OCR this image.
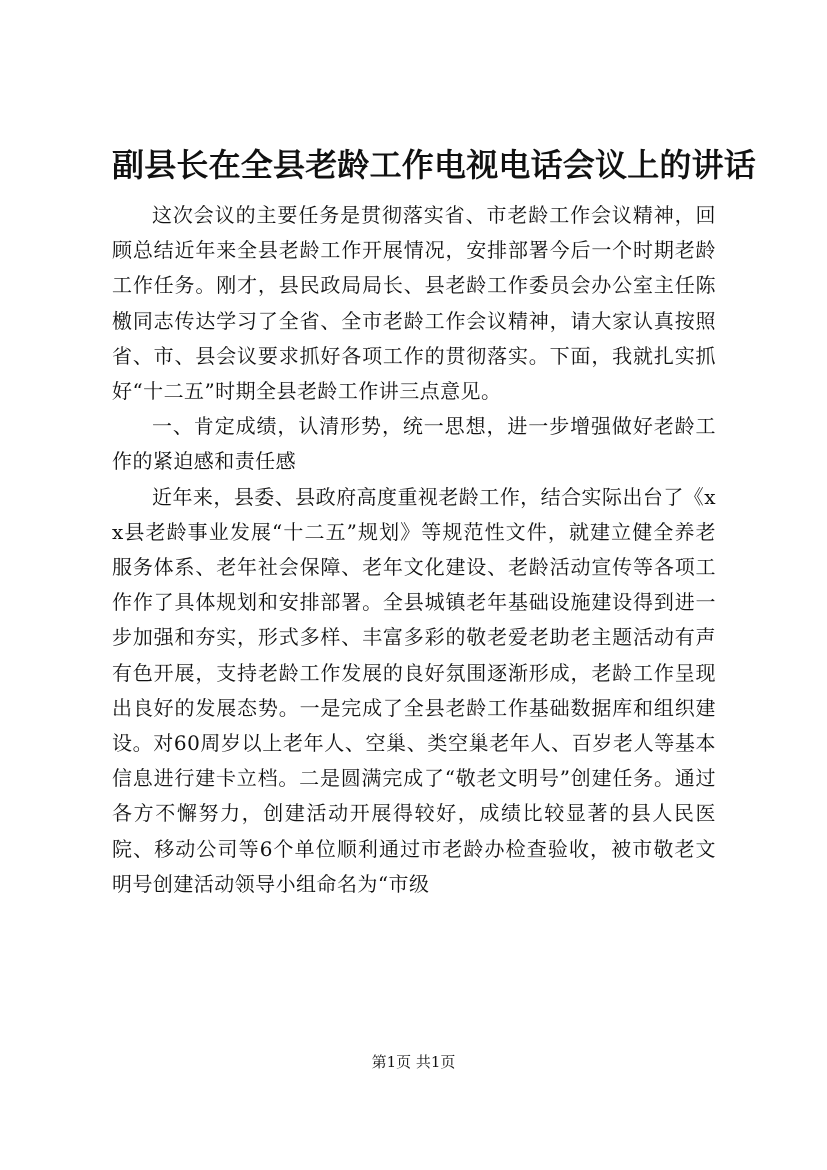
副县长在全县老龄工作电视电话会议上的讲话

这次会议的主要任务是贯彻落实省、市老龄工作会议精神，回顾总结近年来全县老龄工作开展情况，安排部署今后一个时期老龄工作任务。刚才，县民政局局长、县老龄工作委员会办公室主任陈檄同志传达学习了全省、全市老龄工作会议精神，请大家认真按照省、市、县会议要求抓好各项工作的贯彻落实。下面，我就扎实抓好“十二五”时期全县老龄工作讲三点意见。

一、肯定成绩，认清形势，统一思想，进一步增强做好老龄工作的紧迫感和责任感

近年来，县委、县政府高度重视老龄工作，结合实际出台了《xx县老龄事业发展“十二五”规划》等规范性文件，就建立健全养老服务体系、老年社会保障、老年文化建设、老龄活动宣传等各项工作作了具体规划和安排部署。全县城镇老年基础设施建设得到进一步加强和夯实，形式多样、丰富多彩的敬老爱老助老主题活动有声有色开展，支持老龄工作发展的良好氛围逐渐形成，老龄工作呈现出良好的发展态势。一是完成了全县老龄工作基础数据库和组织建设。对60周岁以上老年人、空巢、类空巢老年人、百岁老人等基本信息进行建卡立档。二是圆满完成了“敬老文明号”创建任务。通过各方不懈努力，创建活动开展得较好，成绩比较显著的县人民医院、移动公司等6个单位顺利通过市老龄办检查验收，被市敬老文明号创建活动领导小组命名为“市级

第1页 共1页
